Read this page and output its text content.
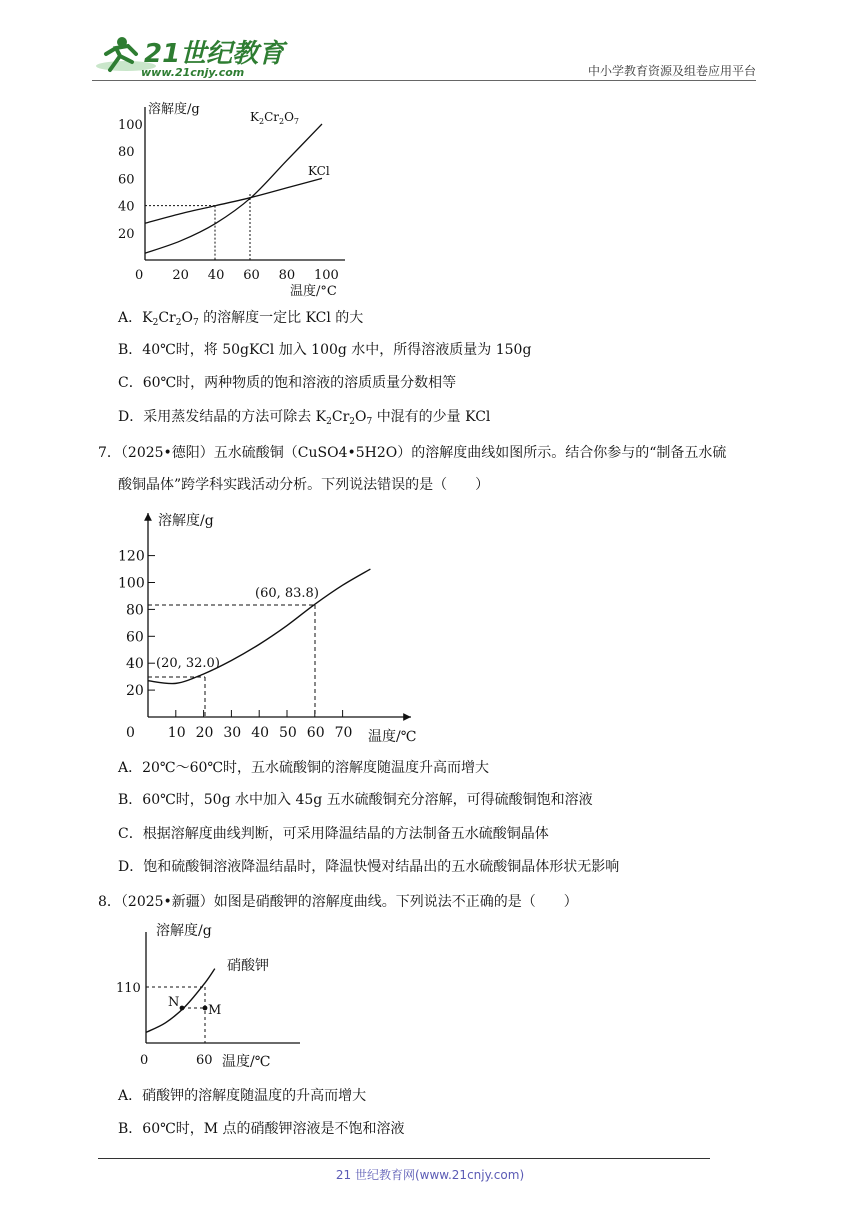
21世纪教育
www.21cnjy.com	中小学教育资源及组卷应用平台
溶解度/g
温度/°C
20
40
60
80
100
0 20 40 60 80 100
$K_2Cr_2O_7$
KCl
A．$K_2Cr_2O_7$ 的溶解度一定比 KCl 的大
B．40℃时，将 50gKCl 加入 100g 水中，所得溶液质量为 150g
C．60℃时，两种物质的饱和溶液的溶质质量分数相等
D．采用蒸发结晶的方法可除去 $K_2Cr_2O_7$ 中混有的少量 KCl
7．（2025•德阳）五水硫酸铜（CuSO4•5H2O）的溶解度曲线如图所示。结合你参与的“制备五水硫
酸铜晶体”跨学科实践活动分析。下列说法错误的是（　　）
溶解度/g
温度/℃
20
40
60
80
100
120
0 10 20 30 40 50 60 70
(20, 32.0)
(60, 83.8)
A．20℃～60℃时，五水硫酸铜的溶解度随温度升高而增大
B．60℃时，50g 水中加入 45g 五水硫酸铜充分溶解，可得硫酸铜饱和溶液
C．根据溶解度曲线判断，可采用降温结晶的方法制备五水硫酸铜晶体
D．饱和硫酸铜溶液降温结晶时，降温快慢对结晶出的五水硫酸铜晶体形状无影响
8．（2025•新疆）如图是硝酸钾的溶解度曲线。下列说法不正确的是（　　）
溶解度/g
温度/℃
110
0	60
N
M
硝酸钾
A．硝酸钾的溶解度随温度的升高而增大
B．60℃时，M 点的硝酸钾溶液是不饱和溶液
21 世纪教育网(www.21cnjy.com)
